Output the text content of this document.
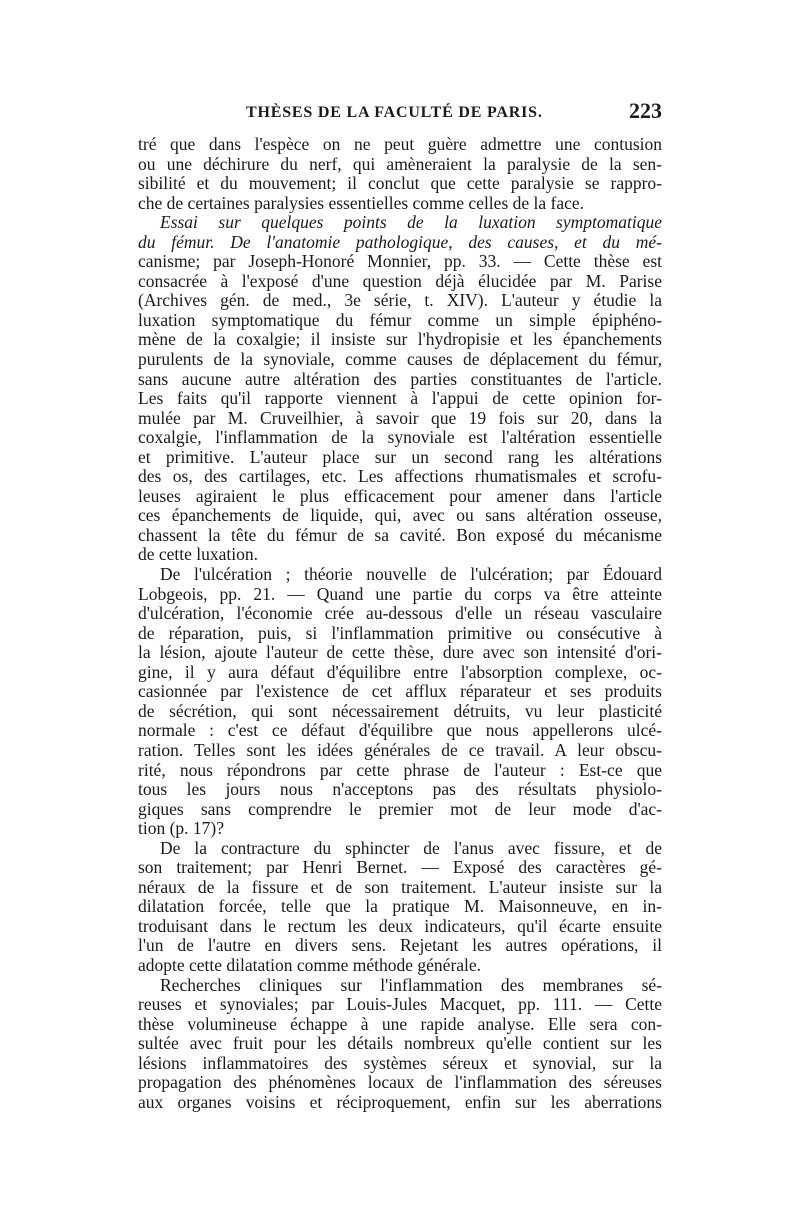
THÈSES DE LA FACULTÉ DE PARIS.	223
tré que dans l'espèce on ne peut guère admettre une contusion
ou une déchirure du nerf, qui amèneraient la paralysie de la sen-
sibilité et du mouvement; il conclut que cette paralysie se rappro-
che de certaines paralysies essentielles comme celles de la face.
Essai sur quelques points de la luxation symptomatique
du fémur. De l'anatomie pathologique, des causes, et du mé-
canisme; par Joseph-Honoré Monnier, pp. 33. — Cette thèse est
consacrée à l'exposé d'une question déjà élucidée par M. Parise
(Archives gén. de med., 3e série, t. XIV). L'auteur y étudie la
luxation symptomatique du fémur comme un simple épiphéno-
mène de la coxalgie; il insiste sur l'hydropisie et les épanchements
purulents de la synoviale, comme causes de déplacement du fémur,
sans aucune autre altération des parties constituantes de l'article.
Les faits qu'il rapporte viennent à l'appui de cette opinion for-
mulée par M. Cruveilhier, à savoir que 19 fois sur 20, dans la
coxalgie, l'inflammation de la synoviale est l'altération essentielle
et primitive. L'auteur place sur un second rang les altérations
des os, des cartilages, etc. Les affections rhumatismales et scrofu-
leuses agiraient le plus efficacement pour amener dans l'article
ces épanchements de liquide, qui, avec ou sans altération osseuse,
chassent la tête du fémur de sa cavité. Bon exposé du mécanisme
de cette luxation.
De l'ulcération ; théorie nouvelle de l'ulcération; par Édouard
Lobgeois, pp. 21. — Quand une partie du corps va être atteinte
d'ulcération, l'économie crée au-dessous d'elle un réseau vasculaire
de réparation, puis, si l'inflammation primitive ou consécutive à
la lésion, ajoute l'auteur de cette thèse, dure avec son intensité d'ori-
gine, il y aura défaut d'équilibre entre l'absorption complexe, oc-
casionnée par l'existence de cet afflux réparateur et ses produits
de sécrétion, qui sont nécessairement détruits, vu leur plasticité
normale : c'est ce défaut d'équilibre que nous appellerons ulcé-
ration. Telles sont les idées générales de ce travail. A leur obscu-
rité, nous répondrons par cette phrase de l'auteur : Est-ce que
tous les jours nous n'acceptons pas des résultats physiolo-
giques sans comprendre le premier mot de leur mode d'ac-
tion (p. 17)?
De la contracture du sphincter de l'anus avec fissure, et de
son traitement; par Henri Bernet. — Exposé des caractères gé-
néraux de la fissure et de son traitement. L'auteur insiste sur la
dilatation forcée, telle que la pratique M. Maisonneuve, en in-
troduisant dans le rectum les deux indicateurs, qu'il écarte ensuite
l'un de l'autre en divers sens. Rejetant les autres opérations, il
adopte cette dilatation comme méthode générale.
Recherches cliniques sur l'inflammation des membranes sé-
reuses et synoviales; par Louis-Jules Macquet, pp. 111. — Cette
thèse volumineuse échappe à une rapide analyse. Elle sera con-
sultée avec fruit pour les détails nombreux qu'elle contient sur les
lésions inflammatoires des systèmes séreux et synovial, sur la
propagation des phénomènes locaux de l'inflammation des séreuses
aux organes voisins et réciproquement, enfin sur les aberrations
